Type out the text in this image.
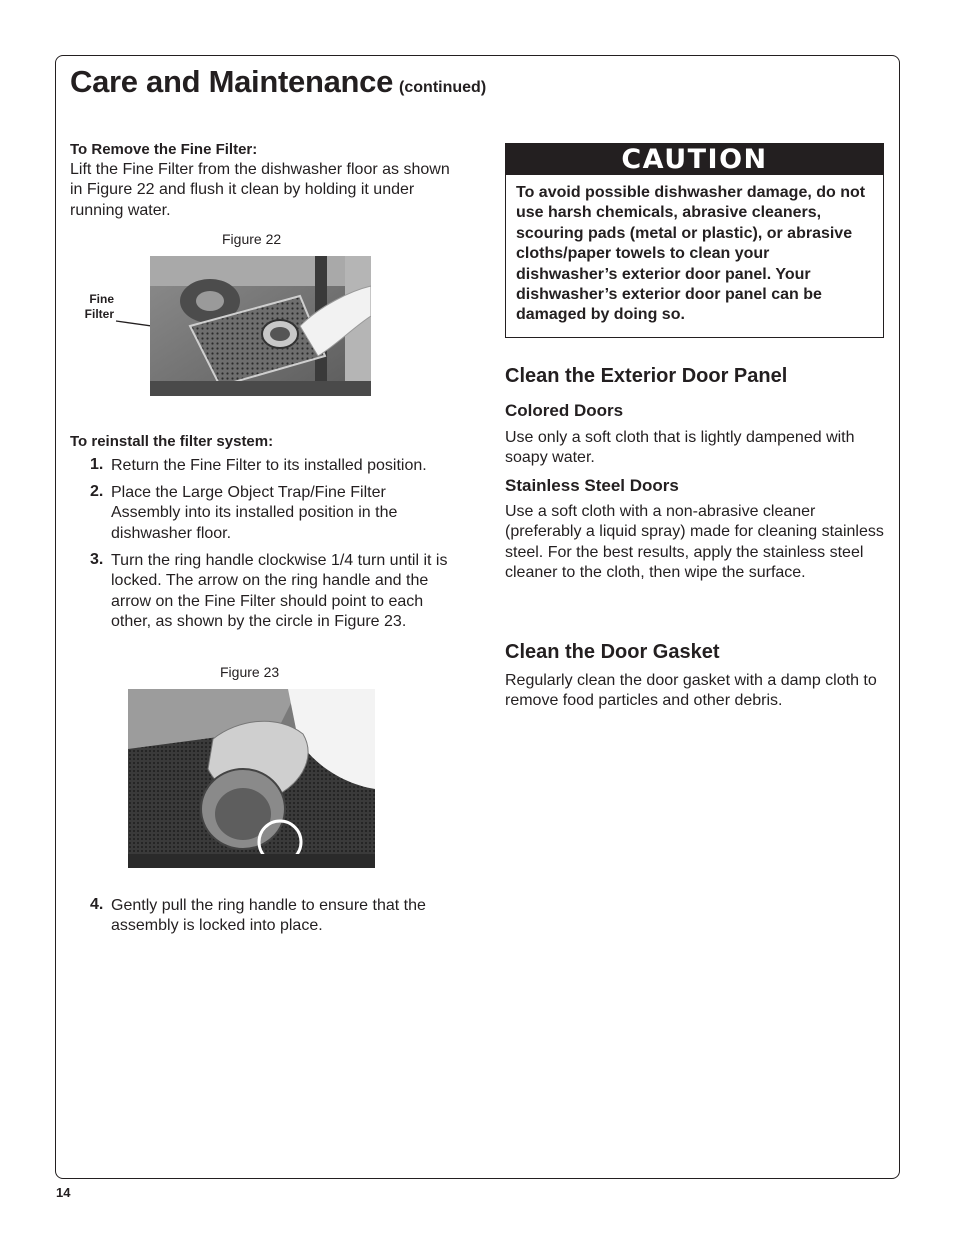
Care and Maintenance (continued)
To Remove the Fine Filter:
Lift the Fine Filter from the dishwasher floor as shown in Figure 22 and flush it clean by holding it under running water.
Figure 22
Fine
Filter
To reinstall the filter system:
1. Return the Fine Filter to its installed position.
2. Place the Large Object Trap/Fine Filter Assembly into its installed position in the dishwasher floor.
3. Turn the ring handle clockwise 1/4 turn until it is locked. The arrow on the ring handle and the arrow on the Fine Filter should point to each other, as shown by the circle in Figure 23.
Figure 23
4. Gently pull the ring handle to ensure that the assembly is locked into place.
CAUTION
To avoid possible dishwasher damage, do not use harsh chemicals, abrasive cleaners, scouring pads (metal or plastic), or abrasive cloths/paper towels to clean your dishwasher’s exterior door panel. Your dishwasher’s exterior door panel can be damaged by doing so.
Clean the Exterior Door Panel
Colored Doors
Use only a soft cloth that is lightly dampened with soapy water.
Stainless Steel Doors
Use a soft cloth with a non-abrasive cleaner (preferably a liquid spray) made for cleaning stainless steel. For the best results, apply the stainless steel cleaner to the cloth, then wipe the surface.
Clean the Door Gasket
Regularly clean the door gasket with a damp cloth to remove food particles and other debris.
14
